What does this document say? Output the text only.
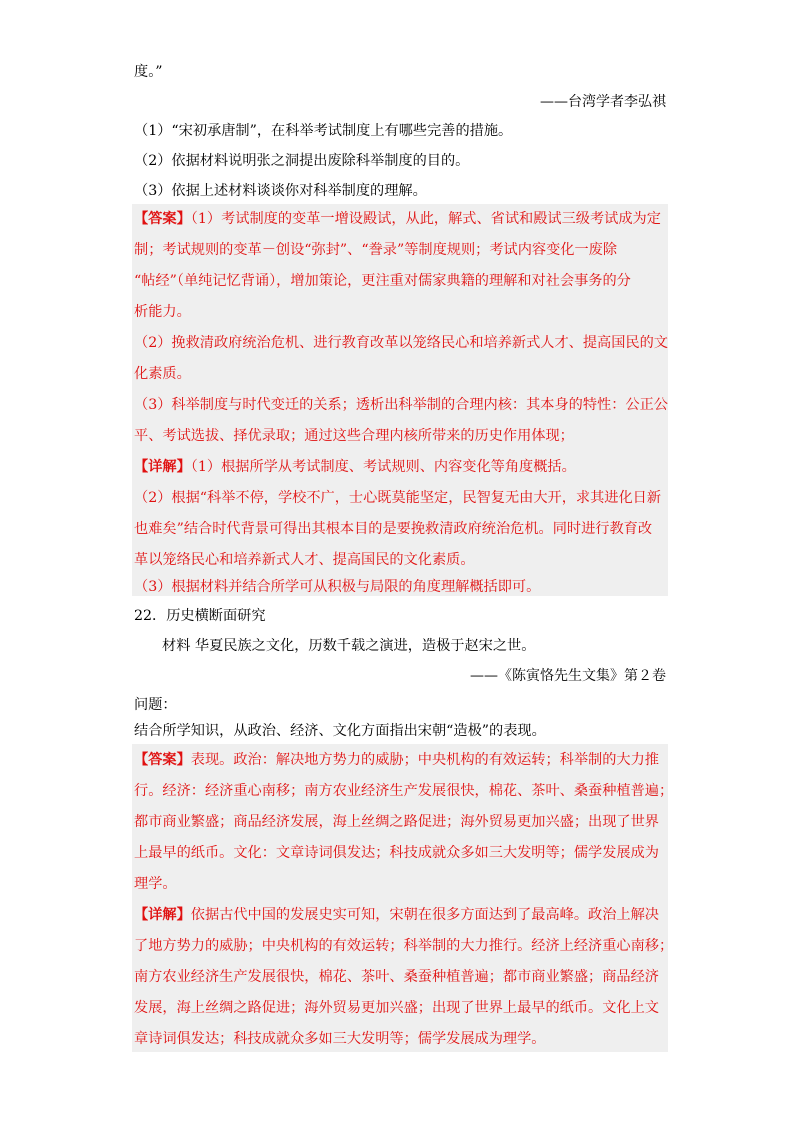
度。”
——台湾学者李弘祺
（1）“宋初承唐制”，在科举考试制度上有哪些完善的措施。
（2）依据材料说明张之洞提出废除科举制度的目的。
（3）依据上述材料谈谈你对科举制度的理解。
【答案】（1）考试制度的变革一增设殿试，从此，解式、省试和殿试三级考试成为定
制；考试规则的变革－创设“弥封”、“誊录”等制度规则；考试内容变化一废除
“帖经”（单纯记忆背诵），增加策论，更注重对儒家典籍的理解和对社会事务的分
析能力。
（2）挽救清政府统治危机、进行教育改革以笼络民心和培养新式人才、提高国民的文
化素质。
（3）科举制度与时代变迁的关系；透析出科举制的合理内核：其本身的特性：公正公
平、考试选拔、择优录取；通过这些合理内核所带来的历史作用体现；
【详解】（1）根据所学从考试制度、考试规则、内容变化等角度概括。
（2）根据“科举不停，学校不广，士心既莫能坚定，民智复无由大开，求其进化日新
也难矣”结合时代背景可得出其根本目的是要挽救清政府统治危机。同时进行教育改
革以笼络民心和培养新式人才、提高国民的文化素质。
（3）根据材料并结合所学可从积极与局限的角度理解概括即可。
22．历史横断面研究
材料 华夏民族之文化，历数千载之演进，造极于赵宋之世。
——《陈寅恪先生文集》第２卷
问题：
结合所学知识，从政治、经济、文化方面指出宋朝“造极”的表现。
【答案】表现。政治：解决地方势力的威胁；中央机构的有效运转；科举制的大力推
行。经济：经济重心南移；南方农业经济生产发展很快，棉花、茶叶、桑蚕种植普遍；
都市商业繁盛；商品经济发展，海上丝绸之路促进；海外贸易更加兴盛；出现了世界
上最早的纸币。文化：文章诗词俱发达；科技成就众多如三大发明等；儒学发展成为
理学。
【详解】依据古代中国的发展史实可知，宋朝在很多方面达到了最高峰。政治上解决
了地方势力的威胁；中央机构的有效运转；科举制的大力推行。经济上经济重心南移；
南方农业经济生产发展很快，棉花、茶叶、桑蚕种植普遍；都市商业繁盛；商品经济
发展，海上丝绸之路促进；海外贸易更加兴盛；出现了世界上最早的纸币。文化上文
章诗词俱发达；科技成就众多如三大发明等；儒学发展成为理学。
